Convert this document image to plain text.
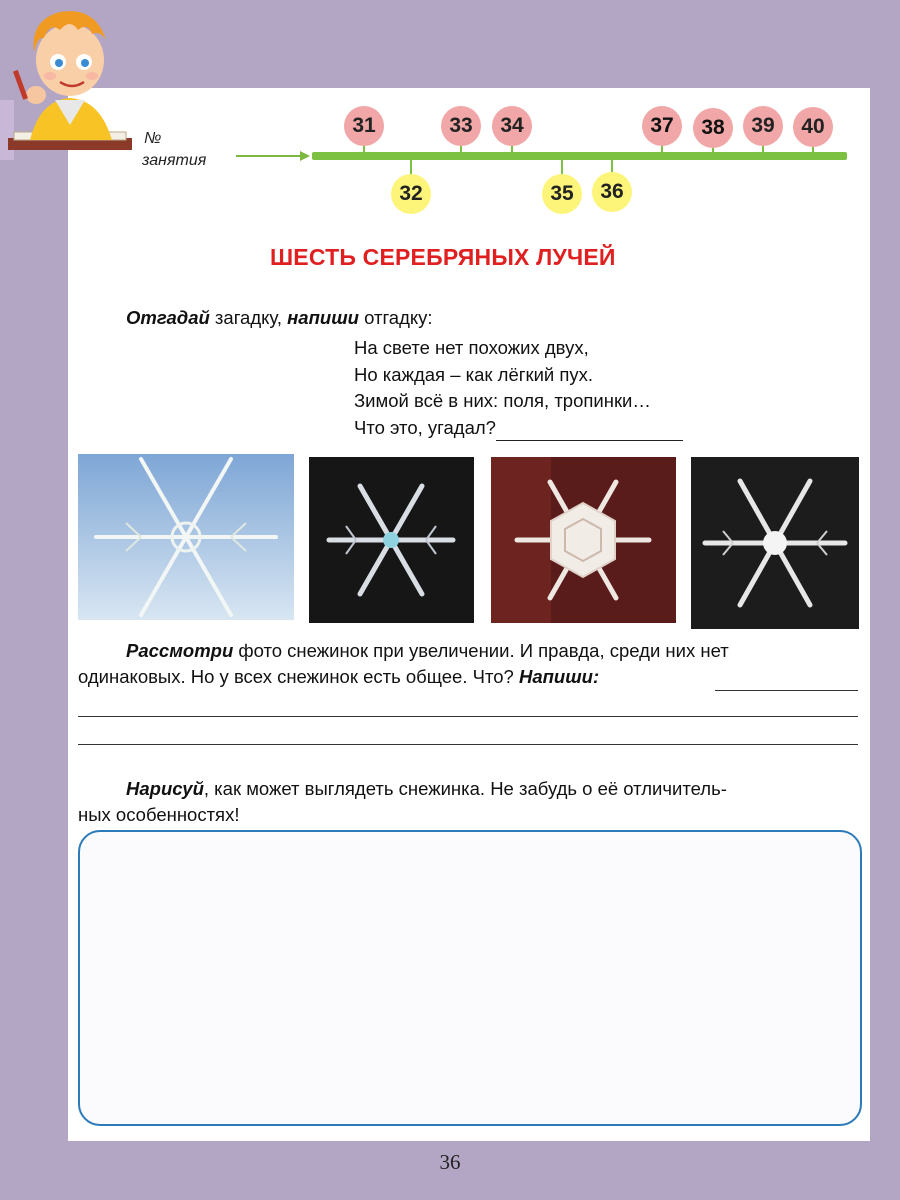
№
занятия
31	33	34	37	38	39	40
32	35	36
ШЕСТЬ СЕРЕБРЯНЫХ ЛУЧЕЙ
Отгадай загадку, напиши отгадку:
На свете нет похожих двух,
Но каждая – как лёгкий пух.
Зимой всё в них: поля, тропинки…
Что это, угадал?
Рассмотри фото снежинок при увеличении. И правда, среди них нет
одинаковых. Но у всех снежинок есть общее. Что? Напиши:
Нарисуй, как может выглядеть снежинка. Не забудь о её отличитель-
ных особенностях!
36
